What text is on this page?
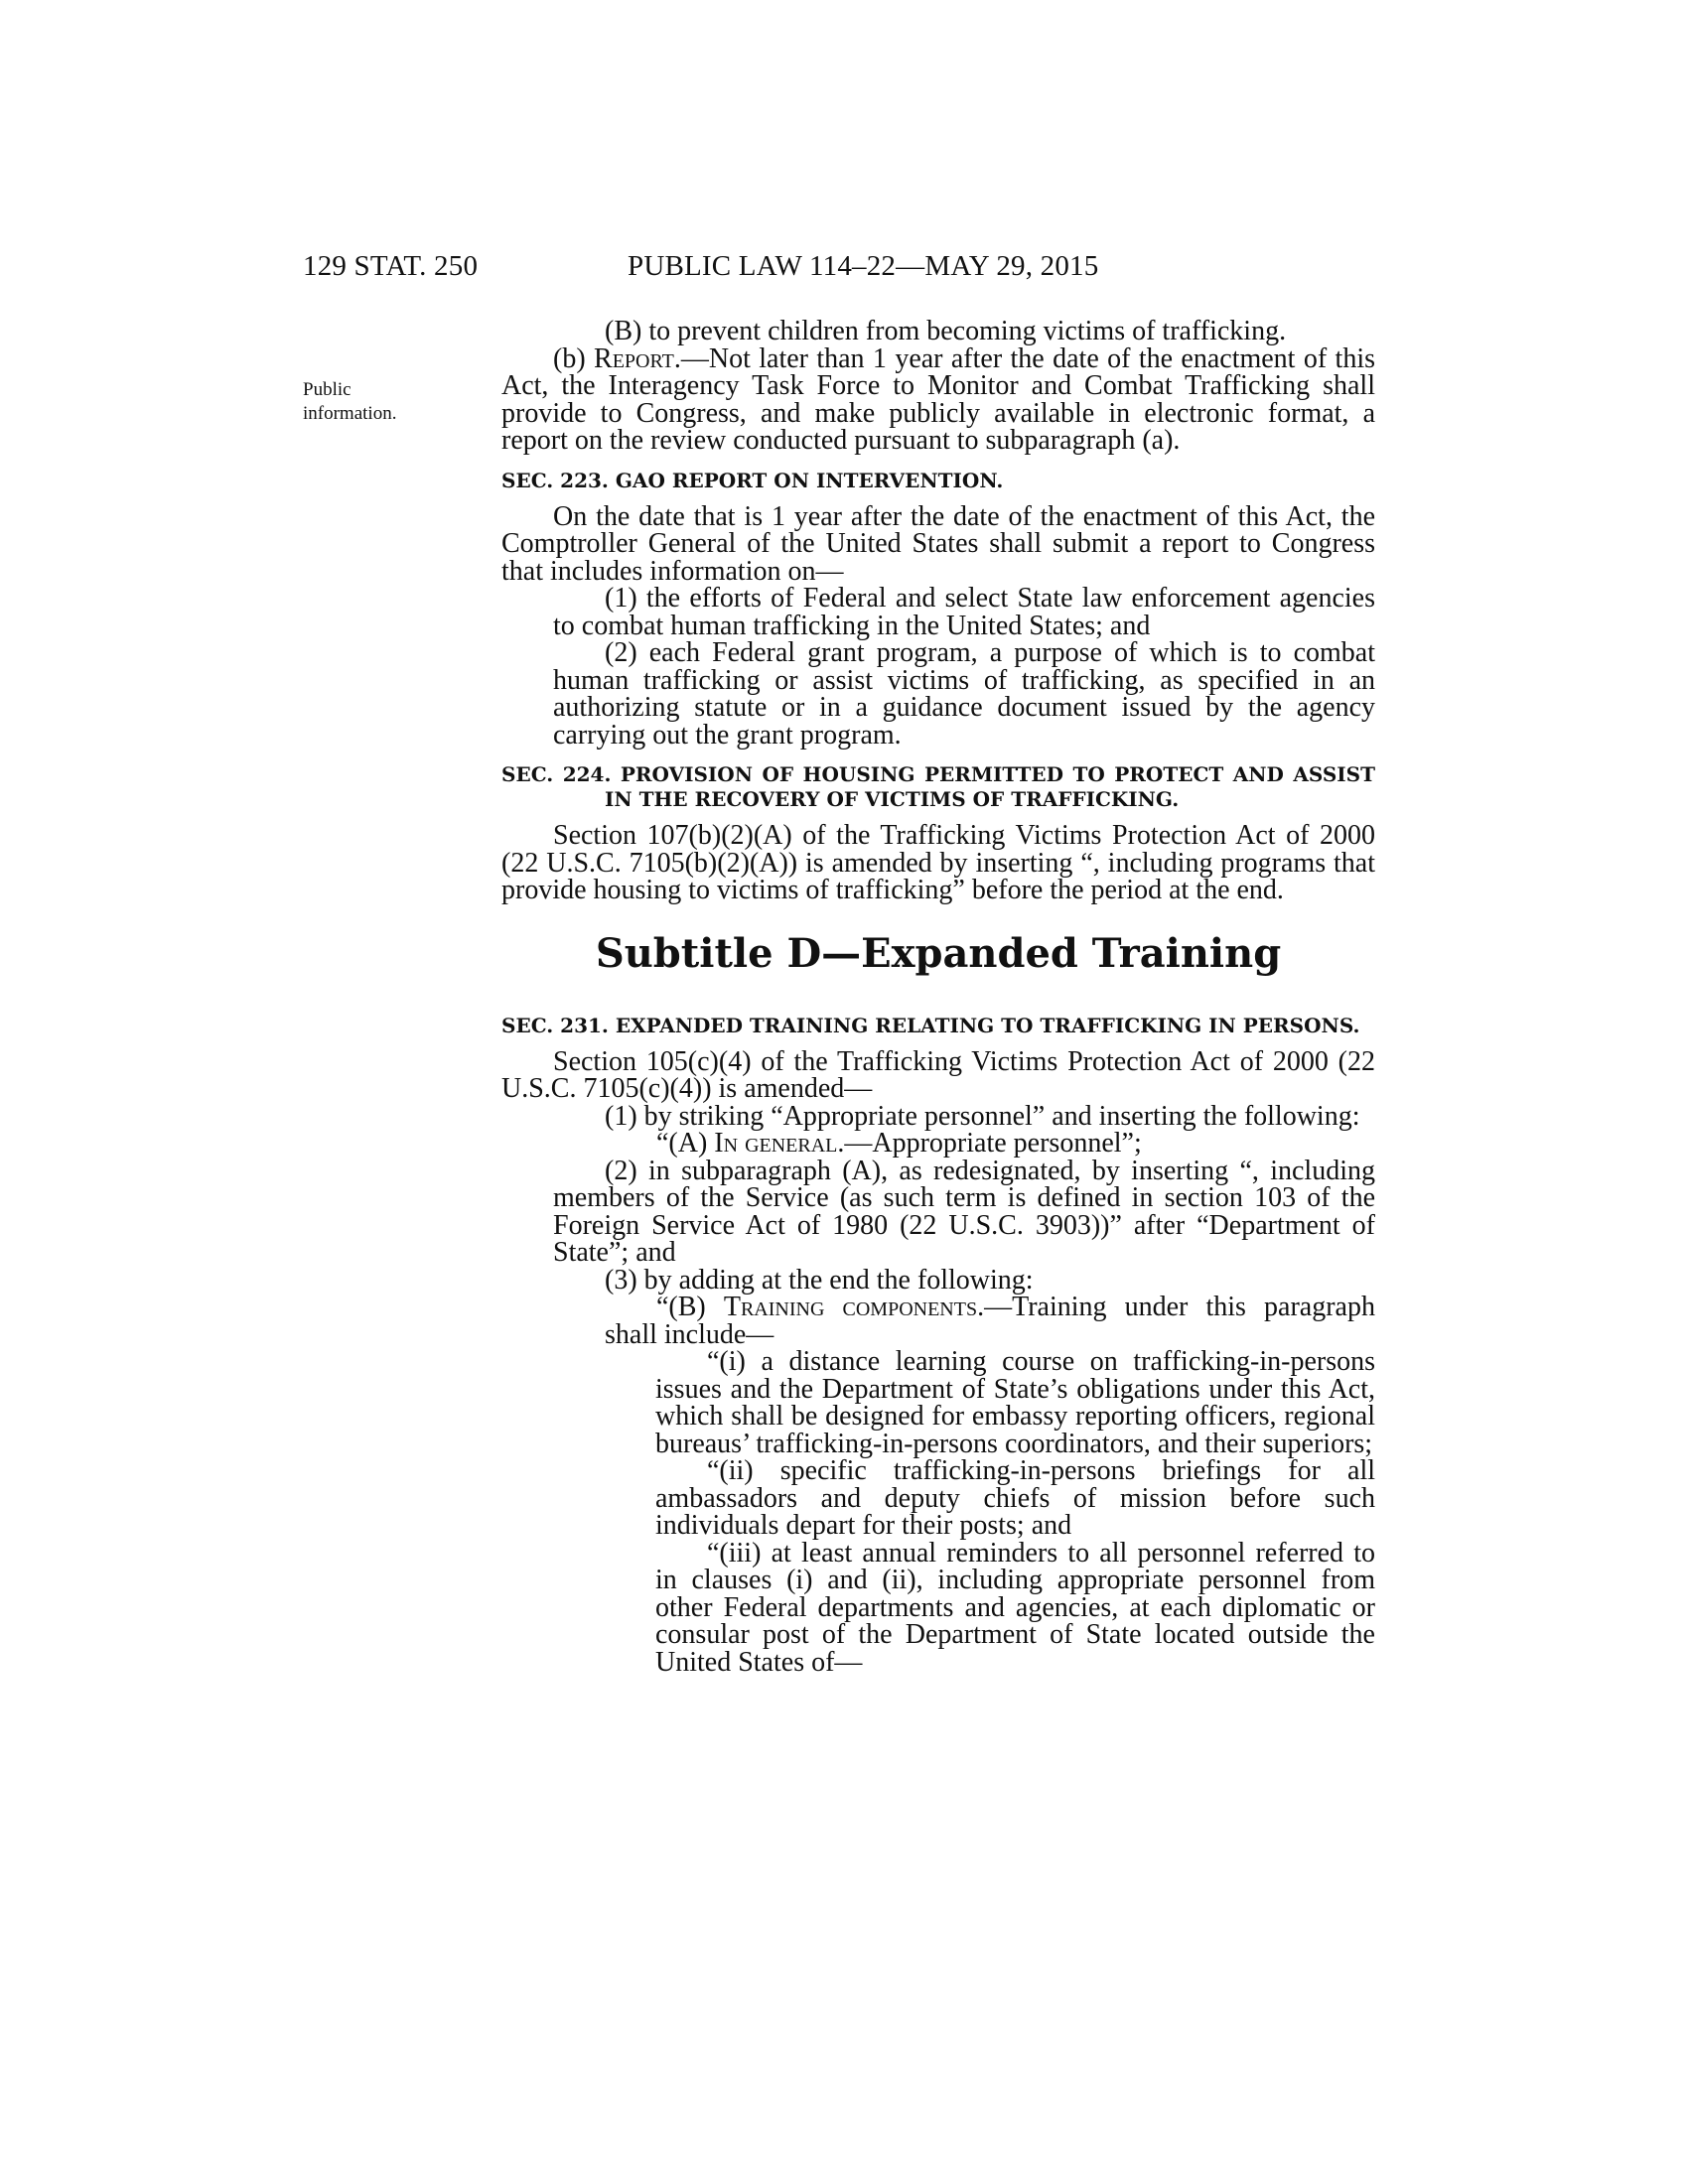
129 STAT. 250	PUBLIC LAW 114–22—MAY 29, 2015
Public
information.

(B) to prevent children from becoming victims of trafficking.

(b) Report.—Not later than 1 year after the date of the enactment of this Act, the Interagency Task Force to Monitor and Combat Trafficking shall provide to Congress, and make publicly available in electronic format, a report on the review conducted pursuant to subparagraph (a).

SEC. 223. GAO REPORT ON INTERVENTION.

On the date that is 1 year after the date of the enactment of this Act, the Comptroller General of the United States shall submit a report to Congress that includes information on—

(1) the efforts of Federal and select State law enforcement agencies to combat human trafficking in the United States; and

(2) each Federal grant program, a purpose of which is to combat human trafficking or assist victims of trafficking, as specified in an authorizing statute or in a guidance document issued by the agency carrying out the grant program.

SEC. 224. PROVISION OF HOUSING PERMITTED TO PROTECT AND ASSIST IN THE RECOVERY OF VICTIMS OF TRAFFICKING.

Section 107(b)(2)(A) of the Trafficking Victims Protection Act of 2000 (22 U.S.C. 7105(b)(2)(A)) is amended by inserting “, including programs that provide housing to victims of trafficking” before the period at the end.

Subtitle D—Expanded Training
SEC. 231. EXPANDED TRAINING RELATING TO TRAFFICKING IN PERSONS.

Section 105(c)(4) of the Trafficking Victims Protection Act of 2000 (22 U.S.C. 7105(c)(4)) is amended—

(1) by striking “Appropriate personnel” and inserting the following:

“(A) In general.—Appropriate personnel”;

(2) in subparagraph (A), as redesignated, by inserting “, including members of the Service (as such term is defined in section 103 of the Foreign Service Act of 1980 (22 U.S.C. 3903))” after “Department of State”; and

(3) by adding at the end the following:

“(B) Training components.—Training under this paragraph shall include—

“(i) a distance learning course on trafficking-in-persons issues and the Department of State’s obligations under this Act, which shall be designed for embassy reporting officers, regional bureaus’ trafficking-in-persons coordinators, and their superiors;

“(ii) specific trafficking-in-persons briefings for all ambassadors and deputy chiefs of mission before such individuals depart for their posts; and

“(iii) at least annual reminders to all personnel referred to in clauses (i) and (ii), including appropriate personnel from other Federal departments and agencies, at each diplomatic or consular post of the Department of State located outside the United States of—
